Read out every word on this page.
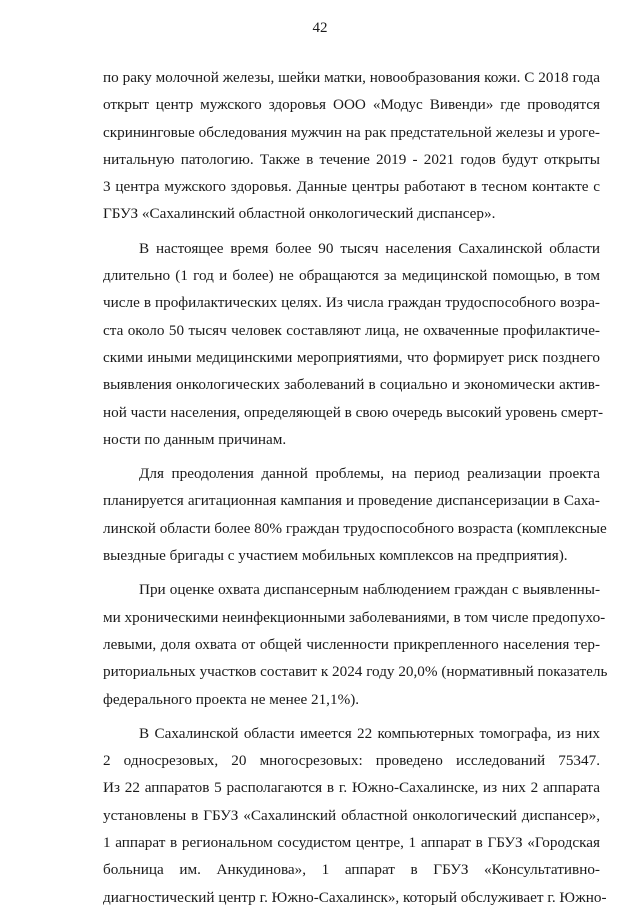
42
по раку молочной железы, шейки матки, новообразования кожи. С 2018 года
открыт центр мужского здоровья ООО «Модус Вивенди» где проводятся
скрининговые обследования мужчин на рак предстательной железы и уроге-
нитальную патологию. Также в течение 2019 - 2021 годов будут открыты
3 центра мужского здоровья. Данные центры работают в тесном контакте с
ГБУЗ «Сахалинский областной онкологический диспансер».
В настоящее время более 90 тысяч населения Сахалинской области
длительно (1 год и более) не обращаются за медицинской помощью, в том
числе в профилактических целях. Из числа граждан трудоспособного возра-
ста около 50 тысяч человек составляют лица, не охваченные профилактиче-
скими иными медицинскими мероприятиями, что формирует риск позднего
выявления онкологических заболеваний в социально и экономически актив-
ной части населения, определяющей в свою очередь высокий уровень смерт-
ности по данным причинам.
Для преодоления данной проблемы, на период реализации проекта
планируется агитационная кампания и проведение диспансеризации в Саха-
линской области более 80% граждан трудоспособного возраста (комплексные
выездные бригады с участием мобильных комплексов на предприятия).
При оценке охвата диспансерным наблюдением граждан с выявленны-
ми хроническими неинфекционными заболеваниями, в том числе предопухо-
левыми, доля охвата от общей численности прикрепленного населения тер-
риториальных участков составит к 2024 году 20,0% (нормативный показатель
федерального проекта не менее 21,1%).
В Сахалинской области имеется 22 компьютерных томографа, из них
2 односрезовых, 20 многосрезовых: проведено исследований 75347.
Из 22 аппаратов 5 располагаются в г. Южно-Сахалинске, из них 2 аппарата
установлены в ГБУЗ «Сахалинский областной онкологический диспансер»,
1 аппарат в региональном сосудистом центре, 1 аппарат в ГБУЗ «Городская
больница им. Анкудинова», 1 аппарат в ГБУЗ «Консультативно-
диагностический центр г. Южно-Сахалинск», который обслуживает г. Южно-
